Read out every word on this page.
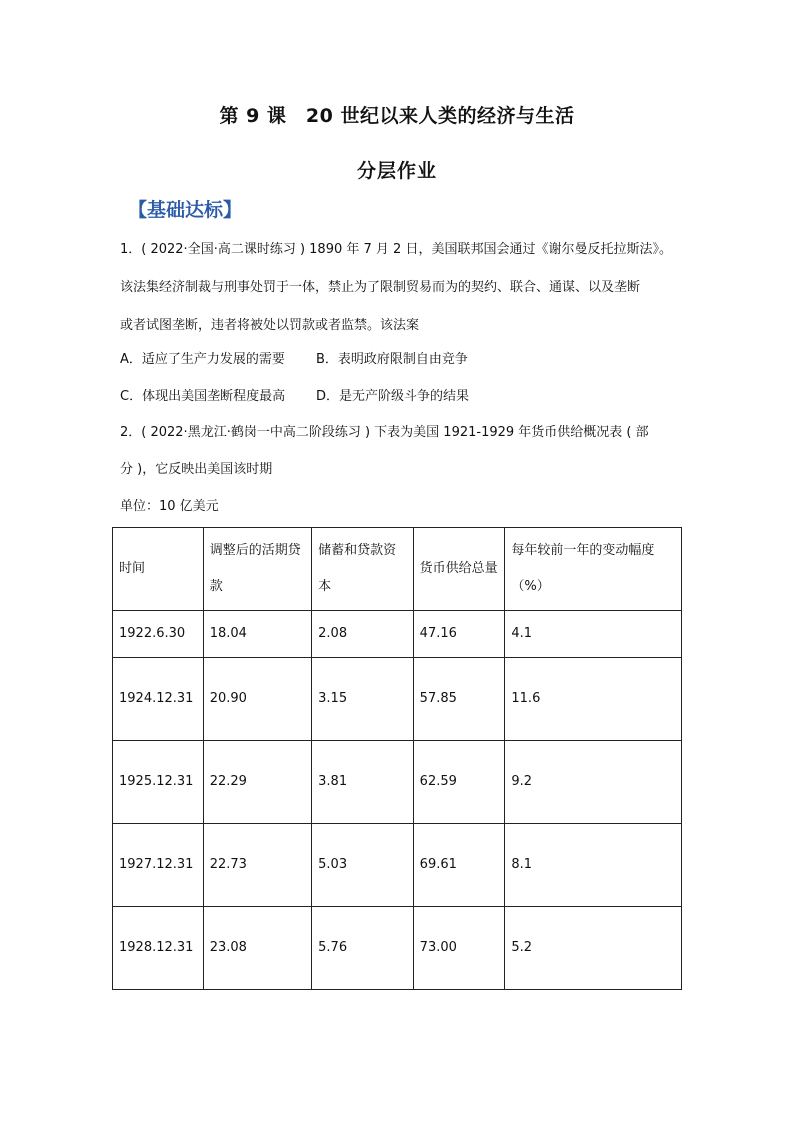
第 9 课　20 世纪以来人类的经济与生活
分层作业
【基础达标】
1．( 2022·全国·高二课时练习 ) 1890 年 7 月 2 日，美国联邦国会通过《谢尔曼反托拉斯法》。
该法集经济制裁与刑事处罚于一体，禁止为了限制贸易而为的契约、联合、通谋、以及垄断
或者试图垄断，违者将被处以罚款或者监禁。该法案
A．适应了生产力发展的需要 B．表明政府限制自由竞争
C．体现出美国垄断程度最高 D．是无产阶级斗争的结果
2．( 2022·黑龙江·鹤岗一中高二阶段练习 ) 下表为美国 1921-1929 年货币供给概况表 ( 部
分 )，它反映出美国该时期
单位：10 亿美元
时间	调整后的活期贷款	储蓄和贷款资本	货币供给总量	每年较前一年的变动幅度（%）
1922.6.30	18.04	2.08	47.16	4.1
1924.12.31	20.90	3.15	57.85	11.6
1925.12.31	22.29	3.81	62.59	9.2
1927.12.31	22.73	5.03	69.61	8.1
1928.12.31	23.08	5.76	73.00	5.2
